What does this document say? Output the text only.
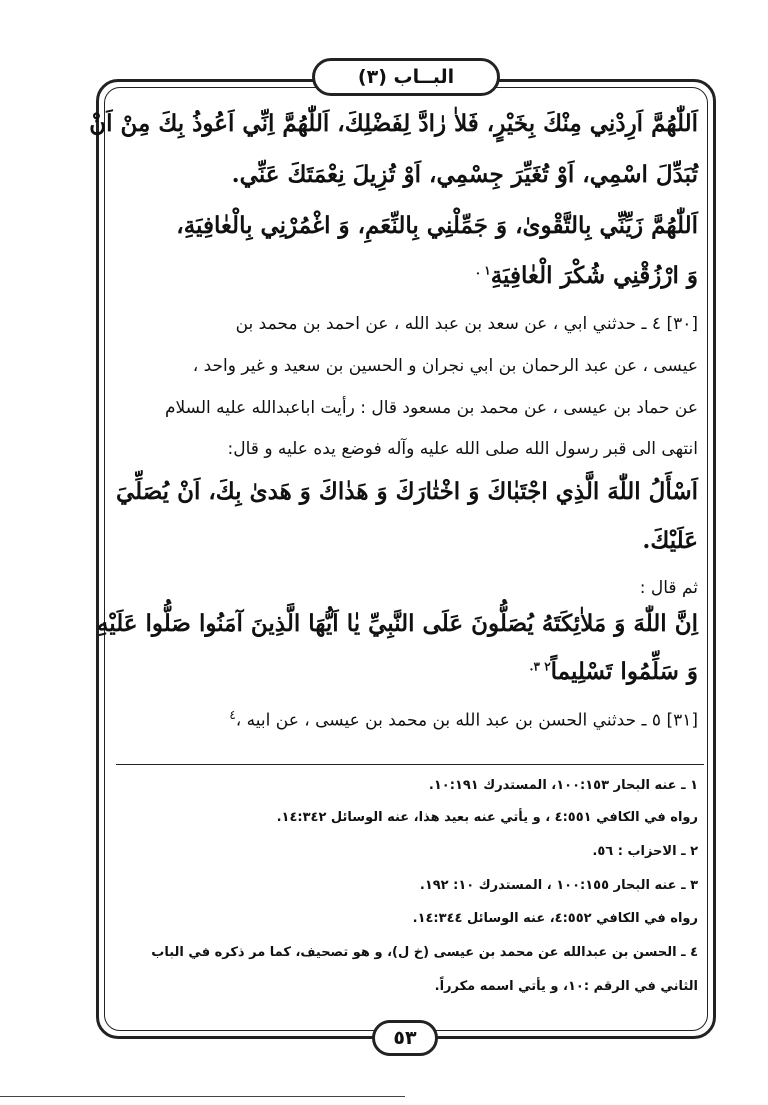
البــاب (٣)
اَللّٰهُمَّ اَرِدْنِي مِنْكَ بِخَيْرٍ، فَلاٰ رٰادَّ لِفَضْلِكَ، اَللّٰهُمَّ اِنِّي اَعُوذُ بِكَ مِنْ اَنْ
تُبَدِّلَ اسْمِي، اَوْ تُغَيِّرَ جِسْمِي، اَوْ تُزِيلَ نِعْمَتَكَ عَنِّي.
اَللّٰهُمَّ زَيِّنِّي بِالتَّقْوىٰ، وَ جَمِّلْنِي بِالنِّعَمِ، وَ اغْمُرْنِي بِالْعٰافِيَةِ،
وَ ارْزُقْنِي شُكْرَ الْعٰافِيَةِ$^{١ .}$
[٣٠] ٤ ـ حدثني ابي ، عن سعد بن عبد الله ، عن احمد بن محمد بن
عيسى ، عن عبد الرحمان بن ابي نجران و الحسين بن سعيد و غير واحد ،
عن حماد بن عيسى ، عن محمد بن مسعود قال : رأيت اباعبدالله عليه السلام
انتهى الى قبر رسول الله صلى الله عليه وآله فوضع يده عليه و قال:
اَسْأَلُ اللّٰهَ الَّذِي اجْتَبٰاكَ وَ اخْتٰارَكَ وَ هَدٰاكَ وَ هَدىٰ بِكَ، اَنْ يُصَلِّيَ
عَلَيْكَ.
ثم قال :
اِنَّ اللّٰهَ وَ مَلاٰئِكَتَهُ يُصَلُّونَ عَلَى النَّبِيِّ يٰا اَيُّهَا الَّذِينَ آمَنُوا صَلُّوا عَلَيْهِ
وَ سَلِّمُوا تَسْلِيماً$^{٢ ٣.}$
[٣١] ٥ ـ حدثني الحسن بن عبد الله بن محمد بن عيسى ، عن ابيه ،$^٤$
١ ـ عنه البحار ١٠٠:١٥٣، المستدرك ١٠:١٩١.
رواه في الكافي ٤:٥٥١ ، و يأتي عنه بعيد هذا، عنه الوسائل ١٤:٣٤٢.
٢ ـ الاحزاب : ٥٦.
٣ ـ عنه البحار ١٠٠:١٥٥ ، المستدرك ١٠: ١٩٢.
رواه في الكافي ٤:٥٥٢، عنه الوسائل ١٤:٣٤٤.
٤ ـ الحسن بن عبدالله عن محمد بن عيسى (خ ل)، و هو تصحيف، كما مر ذكره في الباب
الثاني في الرقم :١٠، و يأتي اسمه مكرراً.
٥٣
